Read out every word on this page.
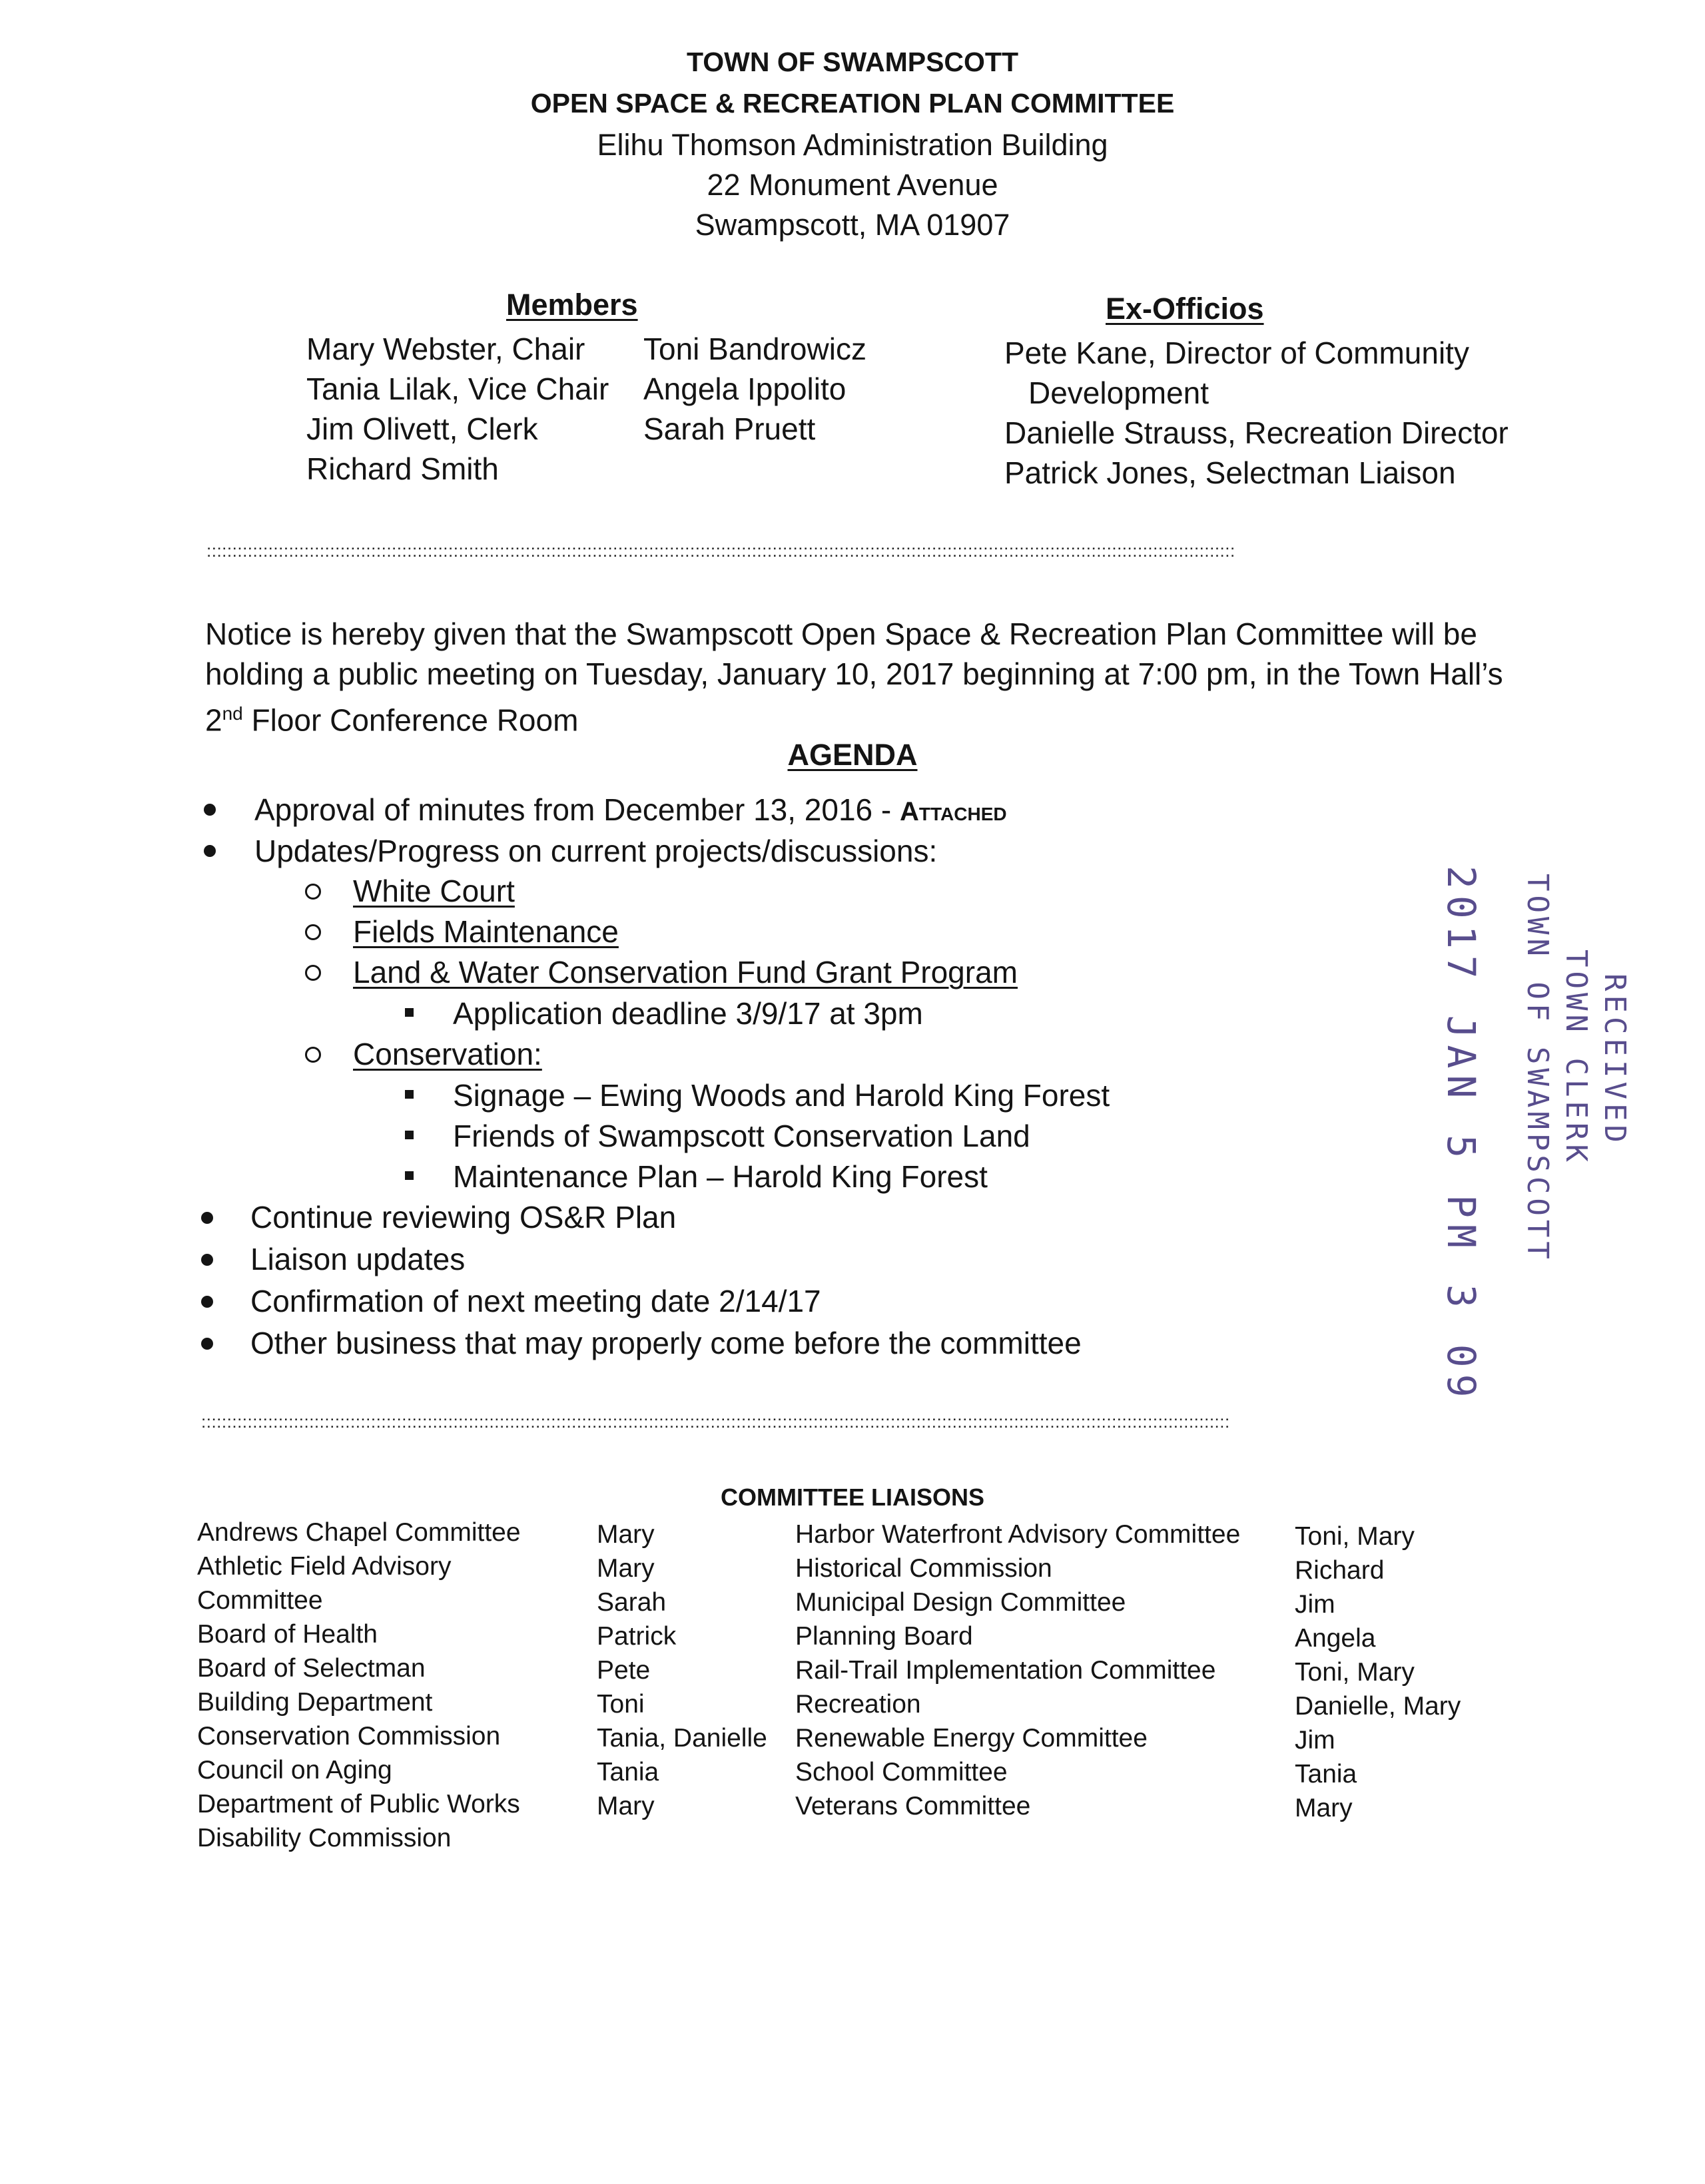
TOWN OF SWAMPSCOTT
OPEN SPACE & RECREATION PLAN COMMITTEE
Elihu Thomson Administration Building
22 Monument Avenue
Swampscott, MA 01907
Members
Mary Webster, Chair
Tania Lilak, Vice Chair
Jim Olivett, Clerk
Richard Smith
Toni Bandrowicz
Angela Ippolito
Sarah Pruett
Ex-Officios
Pete Kane, Director of Community
Development
Danielle Strauss, Recreation Director
Patrick Jones, Selectman Liaison
::::::::::::::::::::::::::::::::::::::::::::::::::::::::::::::::::::::::::::::::::::::::::::::::::::::::::::::::::::::::::::::::::::::::::::::::::::::::::::::::::::::::::::::::::::::::::::::::::::::::
Notice is hereby given that the Swampscott Open Space & Recreation Plan Committee will be
holding a public meeting on Tuesday, January 10, 2017 beginning at 7:00 pm, in the Town Hall’s
2nd Floor Conference Room
AGENDA
Approval of minutes from December 13, 2016 - Attached
Updates/Progress on current projects/discussions:
White Court
Fields Maintenance
Land & Water Conservation Fund Grant Program
Application deadline 3/9/17 at 3pm
Conservation:
Signage – Ewing Woods and Harold King Forest
Friends of Swampscott Conservation Land
Maintenance Plan – Harold King Forest
Continue reviewing OS&R Plan
Liaison updates
Confirmation of next meeting date 2/14/17
Other business that may properly come before the committee
RECEIVED
TOWN CLERK
TOWN OF SWAMPSCOTT
2017 JAN 5 PM 3 09
::::::::::::::::::::::::::::::::::::::::::::::::::::::::::::::::::::::::::::::::::::::::::::::::::::::::::::::::::::::::::::::::::::::::::::::::::::::::::::::::::::::::::::::::::::::::::::::::::::::::
COMMITTEE LIAISONS
Andrews Chapel Committee
Athletic Field Advisory Committee
Board of Health
Board of Selectman
Building Department
Conservation Commission
Council on Aging
Department of Public Works
Disability Commission
Mary
Mary
Sarah
Patrick
Pete
Toni
Tania, Danielle
Tania
Mary
Harbor Waterfront Advisory Committee
Historical Commission
Municipal Design Committee
Planning Board
Rail-Trail Implementation Committee
Recreation
Renewable Energy Committee
School Committee
Veterans Committee
Toni, Mary
Richard
Jim
Angela
Toni, Mary
Danielle, Mary
Jim
Tania
Mary
